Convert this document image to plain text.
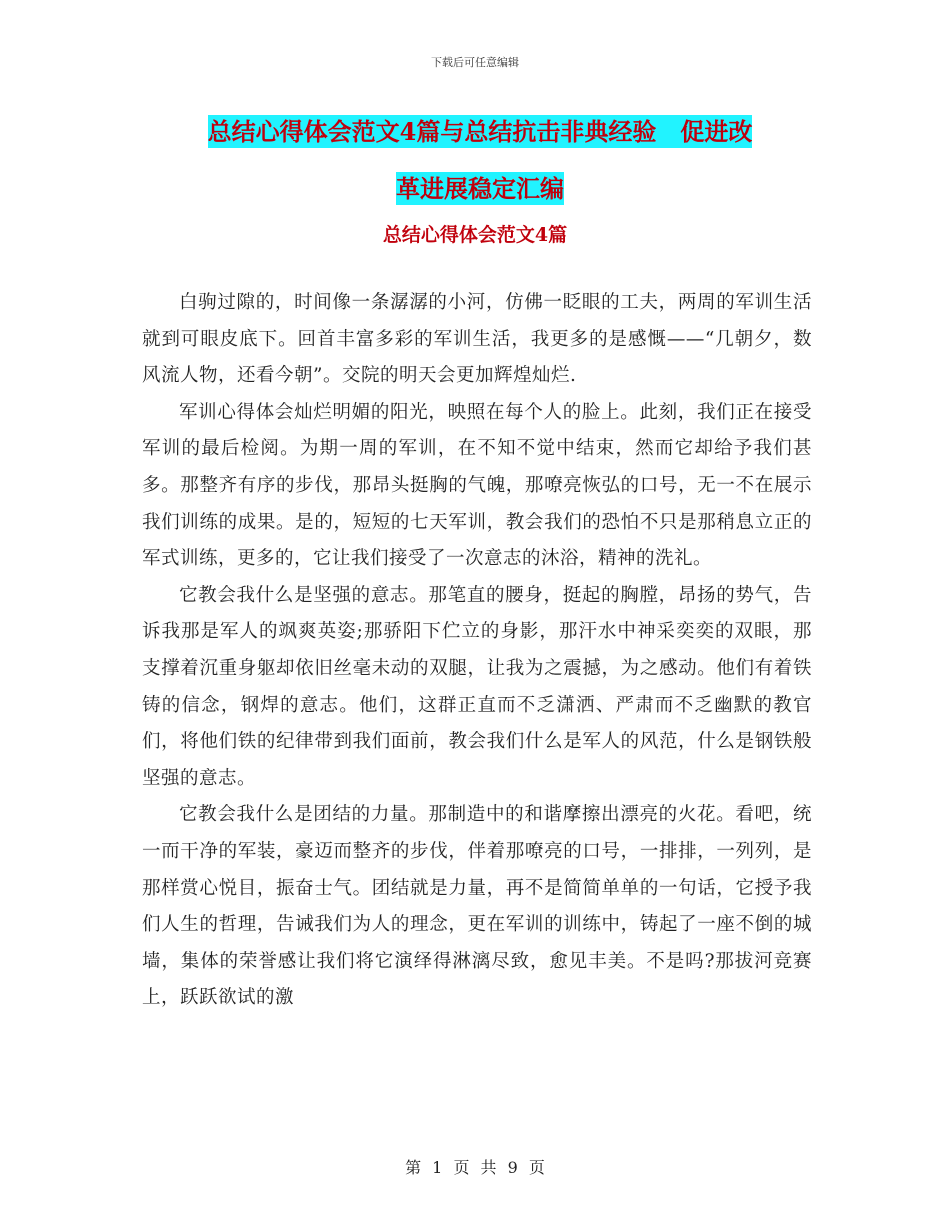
下载后可任意编辑
总结心得体会范文4篇与总结抗击非典经验　促进改
革进展稳定汇编
总结心得体会范文4篇

白驹过隙的，时间像一条潺潺的小河，仿佛一眨眼的工夫，两周的军训生活就到可眼皮底下。回首丰富多彩的军训生活，我更多的是感慨——“几朝夕，数风流人物，还看今朝”。交院的明天会更加辉煌灿烂.

军训心得体会灿烂明媚的阳光，映照在每个人的脸上。此刻，我们正在接受军训的最后检阅。为期一周的军训，在不知不觉中结束，然而它却给予我们甚多。那整齐有序的步伐，那昂头挺胸的气魄，那嘹亮恢弘的口号，无一不在展示我们训练的成果。是的，短短的七天军训，教会我们的恐怕不只是那稍息立正的军式训练，更多的，它让我们接受了一次意志的沐浴，精神的洗礼。

它教会我什么是坚强的意志。那笔直的腰身，挺起的胸膛，昂扬的势气，告诉我那是军人的飒爽英姿;那骄阳下伫立的身影，那汗水中神采奕奕的双眼，那支撑着沉重身躯却依旧丝毫未动的双腿，让我为之震撼，为之感动。他们有着铁铸的信念，钢焊的意志。他们，这群正直而不乏潇洒、严肃而不乏幽默的教官们，将他们铁的纪律带到我们面前，教会我们什么是军人的风范，什么是钢铁般坚强的意志。

它教会我什么是团结的力量。那制造中的和谐摩擦出漂亮的火花。看吧，统一而干净的军装，豪迈而整齐的步伐，伴着那嘹亮的口号，一排排，一列列，是那样赏心悦目，振奋士气。团结就是力量，再不是简简单单的一句话，它授予我们人生的哲理，告诫我们为人的理念，更在军训的训练中，铸起了一座不倒的城墙，集体的荣誉感让我们将它演绎得淋漓尽致，愈见丰美。不是吗?那拔河竞赛上，跃跃欲试的激

第 1 页 共 9 页
